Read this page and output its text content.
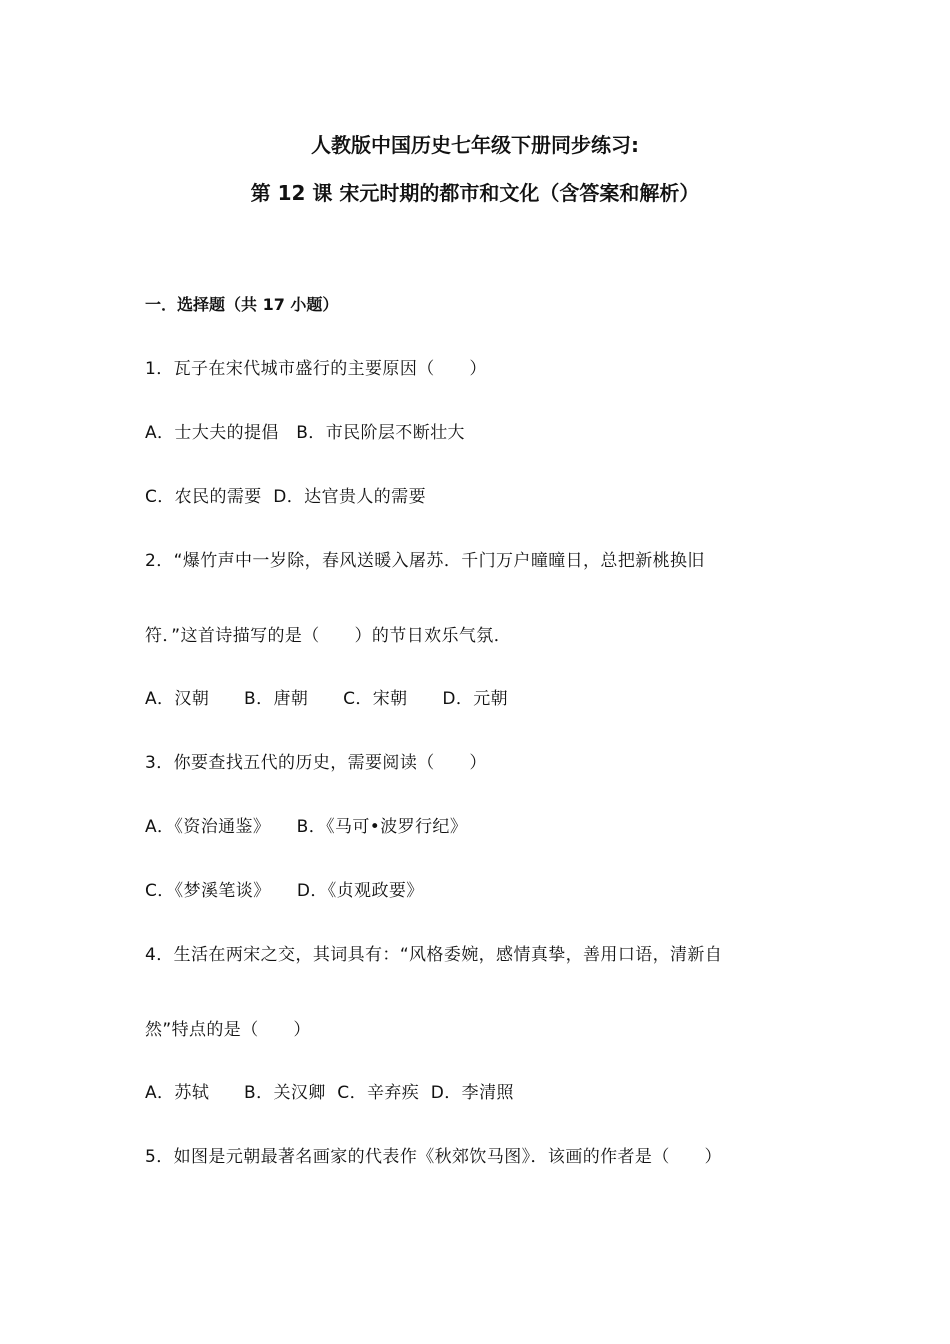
人教版中国历史七年级下册同步练习:
第 12 课 宋元时期的都市和文化（含答案和解析）
一．选择题（共 17 小题）
1．瓦子在宋代城市盛行的主要原因（　　）
A．士大夫的提倡　B．市民阶层不断壮大
C．农民的需要  D．达官贵人的需要
2．“爆竹声中一岁除，春风送暖入屠苏．千门万户曈曈日，总把新桃换旧
符．”这首诗描写的是（　　）的节日欢乐气氛．
A．汉朝　　B．唐朝　　C．宋朝　　D．元朝
3．你要查找五代的历史，需要阅读（　　）
A．《资治通鉴》　　B．《马可•波罗行纪》
C．《梦溪笔谈》　　D．《贞观政要》
4．生活在两宋之交，其词具有：“风格委婉，感情真挚，善用口语，清新自
然”特点的是（　　）
A．苏轼　　B．关汉卿  C．辛弃疾  D．李清照
5．如图是元朝最著名画家的代表作《秋郊饮马图》．该画的作者是（　　）
